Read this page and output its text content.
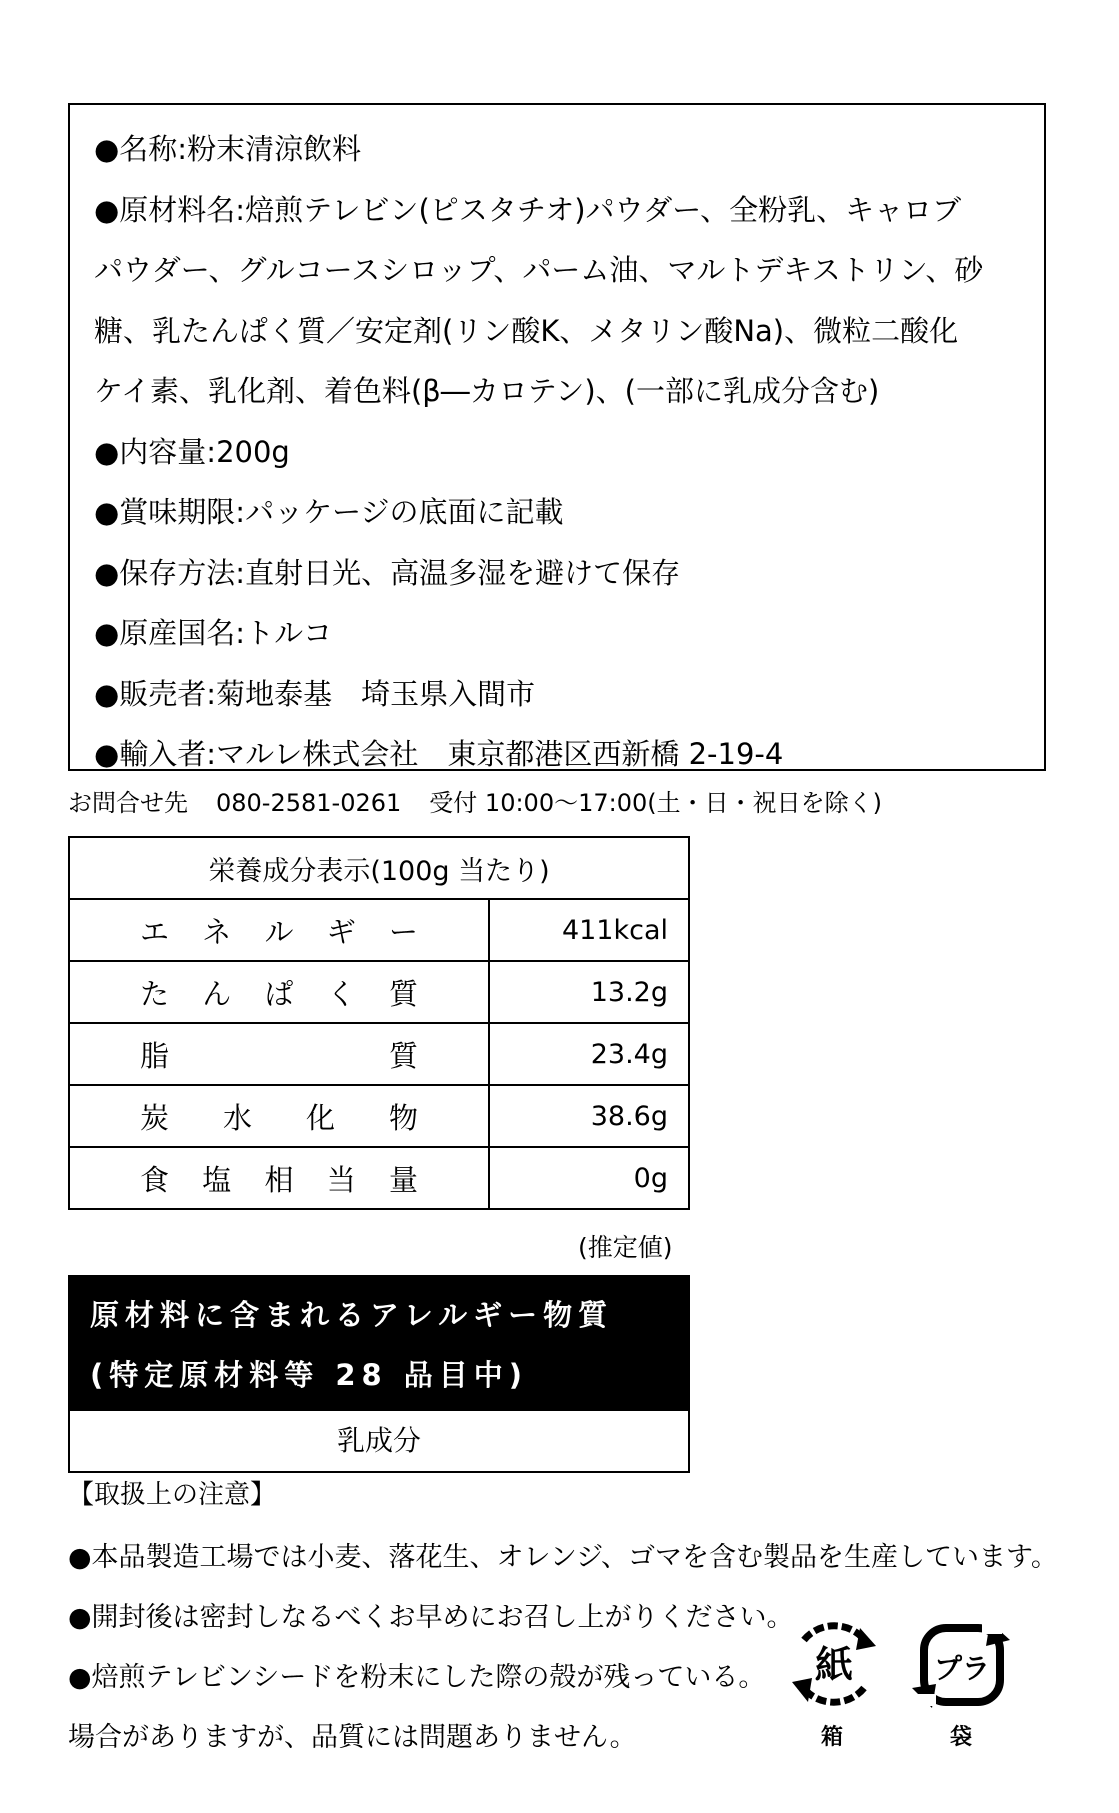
●名称:粉末清涼飲料
●原材料名:焙煎テレビン(ピスタチオ)パウダー、全粉乳、キャロブ
パウダー、グルコースシロップ、パーム油、マルトデキストリン、砂
糖、乳たんぱく質／安定剤(リン酸K、メタリン酸Na)、微粒二酸化
ケイ素、乳化剤、着色料(β―カロテン)、(一部に乳成分含む)
●内容量:200g
●賞味期限:パッケージの底面に記載
●保存方法:直射日光、高温多湿を避けて保存
●原産国名:トルコ
●販売者:菊地泰基　埼玉県入間市
●輸入者:マルレ株式会社　東京都港区西新橋 2-19-4
お問合せ先 080-2581-0261 受付 10:00〜17:00(土・日・祝日を除く)
栄養成分表示(100g 当たり)	

エ ネ ル ギ ー	411kcal

た ん ぱ く 質	13.2g

脂 質	23.4g

炭 水 化 物	38.6g

食 塩 相 当 量	0g
(推定値)
原材料に含まれるアレルギー物質
(特定原材料等 28 品目中)
乳成分
【取扱上の注意】
●本品製造工場では小麦、落花生、オレンジ、ゴマを含む製品を生産しています。
●開封後は密封しなるべくお早めにお召し上がりください。
●焙煎テレビンシードを粉末にした際の殻が残っている。
場合がありますが、品質には問題ありません。
紙
箱
プラ
袋
